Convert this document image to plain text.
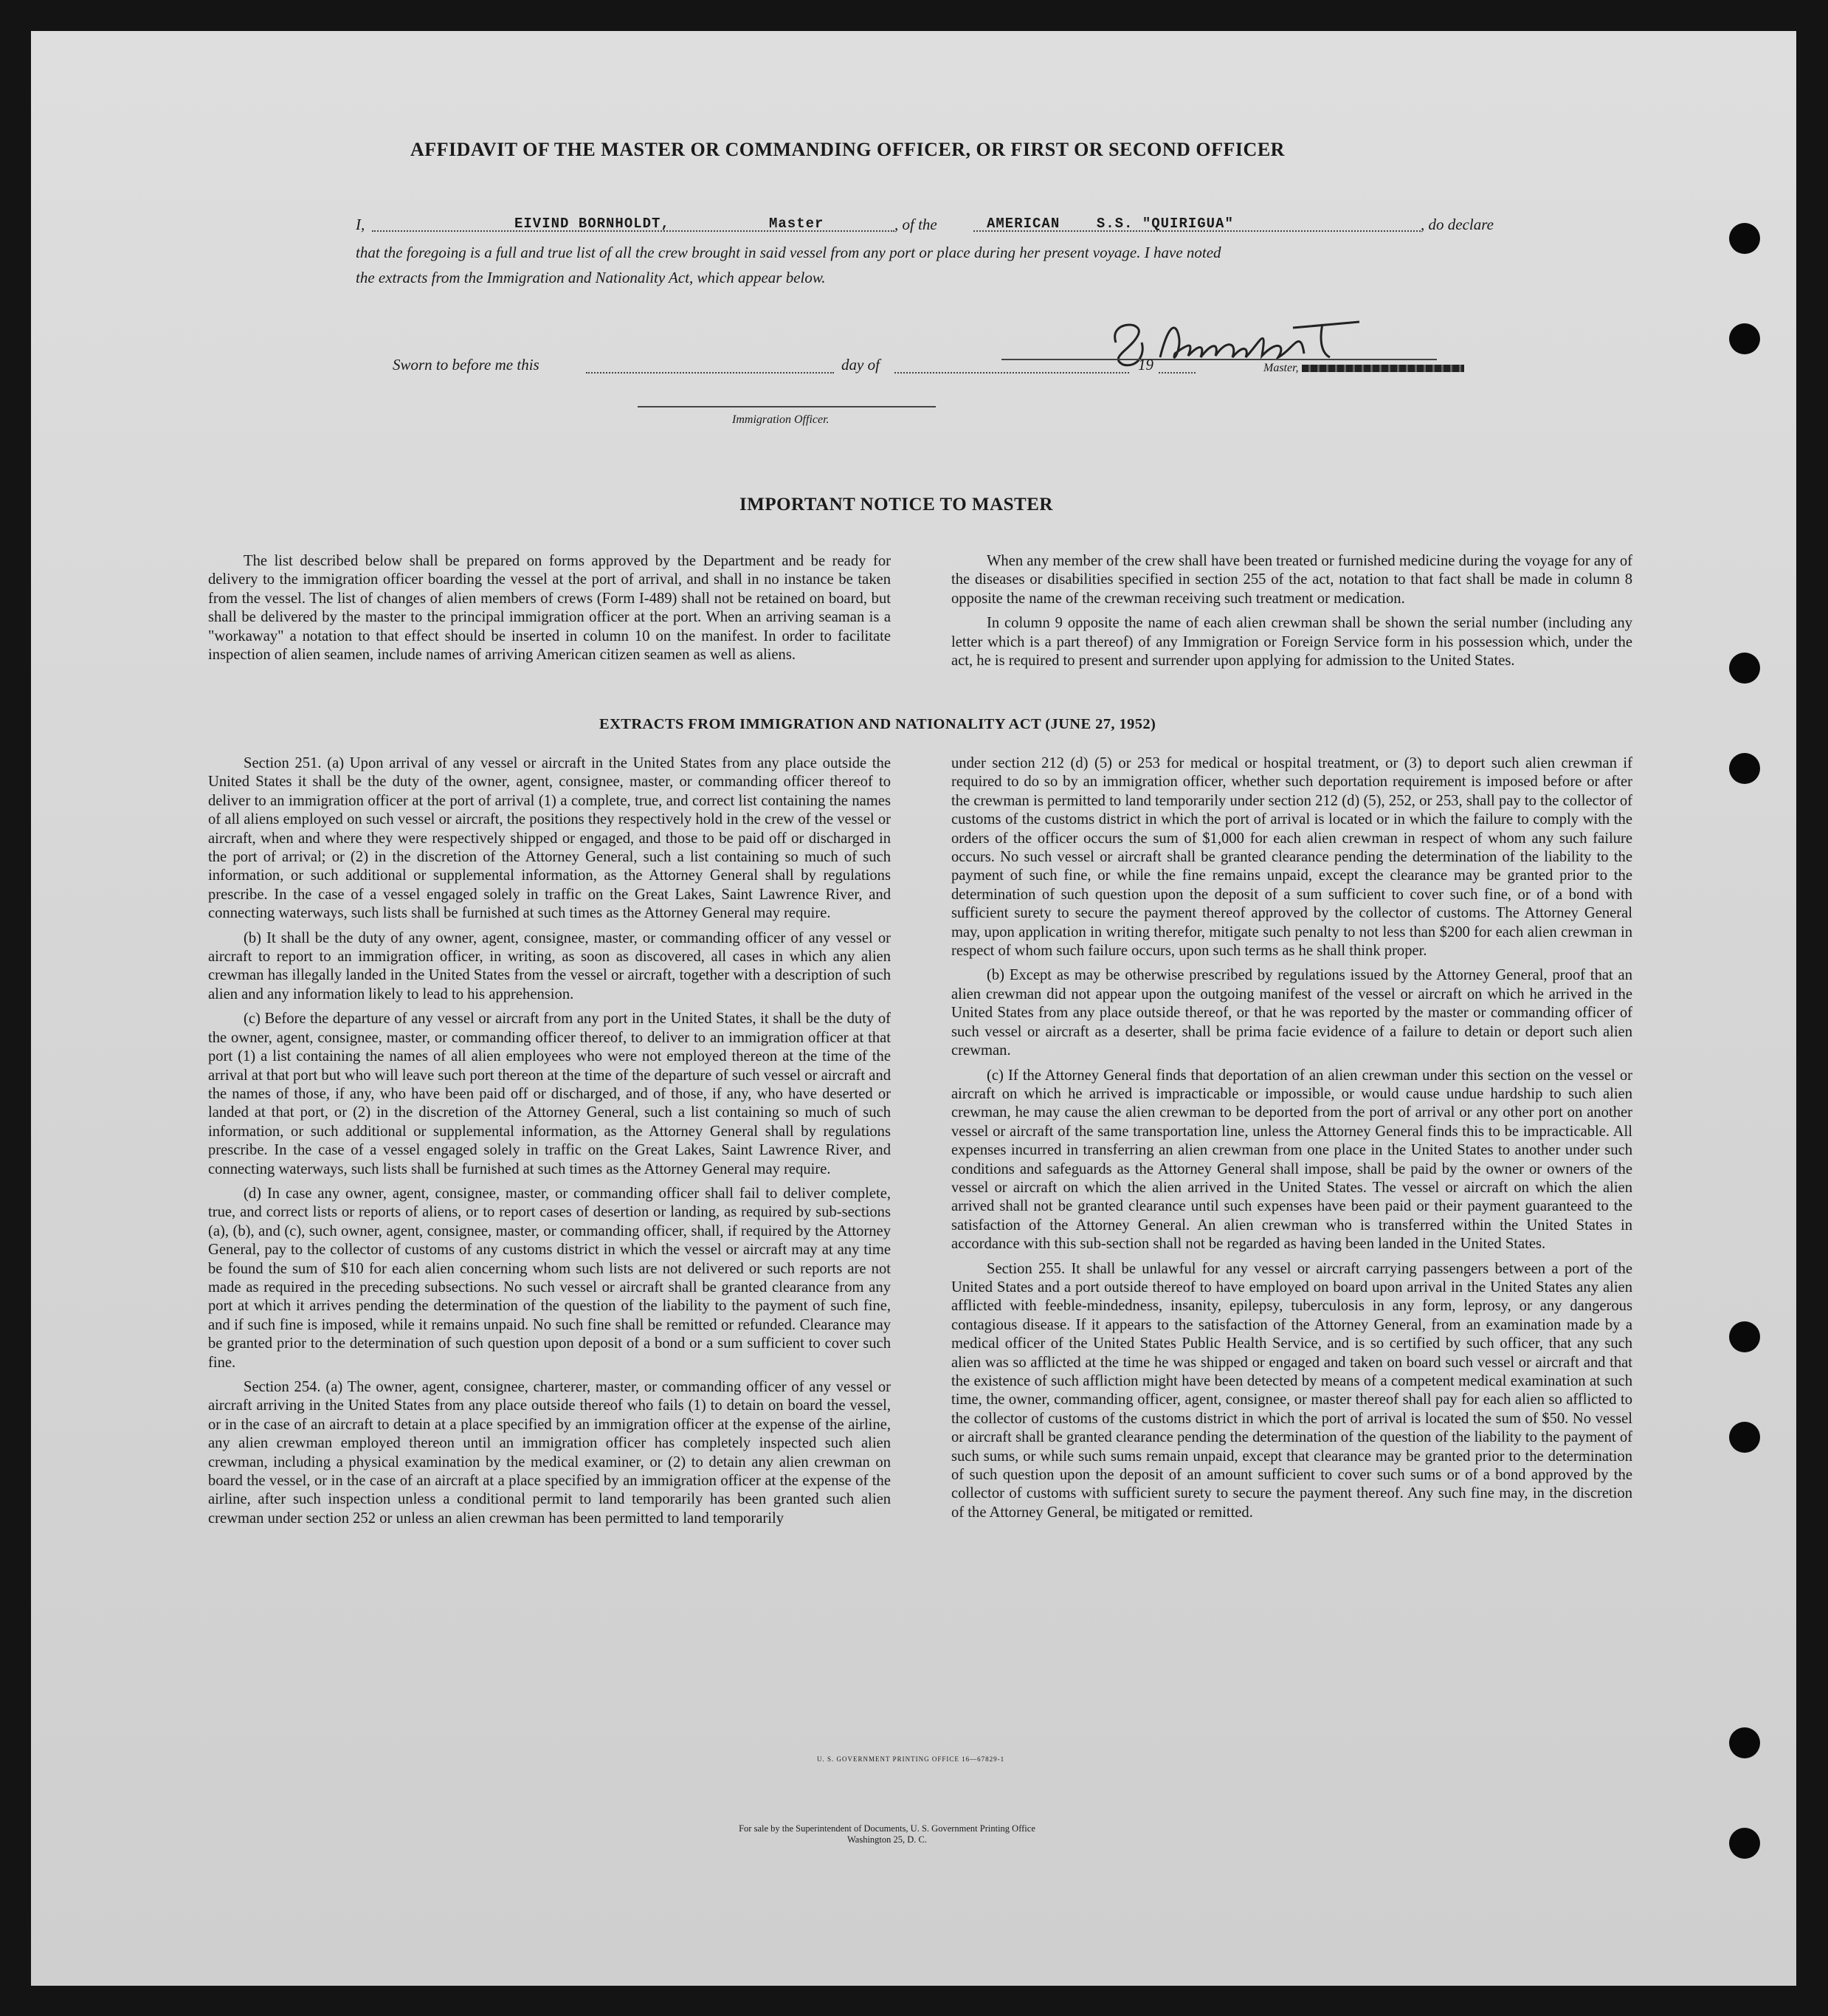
AFFIDAVIT OF THE MASTER OR COMMANDING OFFICER, OR FIRST OR SECOND OFFICER
I,	EIVIND BORNHOLDT,	Master	, of the	AMERICAN    S.S. "QUIRIGUA"	, do declare
that the foregoing is a full and true list of all the crew brought in said vessel from any port or place during her present voyage. I have noted
the extracts from the Immigration and Nationality Act, which appear below.
Master,
Sworn to before me this	day of	19
Immigration Officer.
IMPORTANT NOTICE TO MASTER

The list described below shall be prepared on forms approved by the Department and be ready for delivery to the immigration officer boarding the vessel at the port of arrival, and shall in no instance be taken from the vessel. The list of changes of alien members of crews (Form I-489) shall not be retained on board, but shall be delivered by the master to the principal immigration officer at the port. When an arriving seaman is a "workaway" a notation to that effect should be inserted in column 10 on the manifest. In order to facilitate inspection of alien seamen, include names of arriving American citizen seamen as well as aliens.

When any member of the crew shall have been treated or furnished medicine during the voyage for any of the diseases or disabilities specified in section 255 of the act, notation to that fact shall be made in column 8 opposite the name of the crewman receiving such treatment or medication.

In column 9 opposite the name of each alien crewman shall be shown the serial number (including any letter which is a part thereof) of any Immigration or Foreign Service form in his possession which, under the act, he is required to present and surrender upon applying for admission to the United States.

EXTRACTS FROM IMMIGRATION AND NATIONALITY ACT (JUNE 27, 1952)

Section 251. (a) Upon arrival of any vessel or aircraft in the United States from any place outside the United States it shall be the duty of the owner, agent, consignee, master, or commanding officer thereof to deliver to an immigration officer at the port of arrival (1) a complete, true, and correct list containing the names of all aliens employed on such vessel or aircraft, the positions they respectively hold in the crew of the vessel or aircraft, when and where they were respectively shipped or engaged, and those to be paid off or discharged in the port of arrival; or (2) in the discretion of the Attorney General, such a list containing so much of such information, or such additional or supplemental information, as the Attorney General shall by regulations prescribe. In the case of a vessel engaged solely in traffic on the Great Lakes, Saint Lawrence River, and connecting waterways, such lists shall be furnished at such times as the Attorney General may require.

(b) It shall be the duty of any owner, agent, consignee, master, or commanding officer of any vessel or aircraft to report to an immigration officer, in writing, as soon as discovered, all cases in which any alien crewman has illegally landed in the United States from the vessel or aircraft, together with a description of such alien and any information likely to lead to his apprehension.

(c) Before the departure of any vessel or aircraft from any port in the United States, it shall be the duty of the owner, agent, consignee, master, or commanding officer thereof, to deliver to an immigration officer at that port (1) a list containing the names of all alien employees who were not employed thereon at the time of the arrival at that port but who will leave such port thereon at the time of the departure of such vessel or aircraft and the names of those, if any, who have been paid off or discharged, and of those, if any, who have deserted or landed at that port, or (2) in the discretion of the Attorney General, such a list containing so much of such information, or such additional or supplemental information, as the Attorney General shall by regulations prescribe. In the case of a vessel engaged solely in traffic on the Great Lakes, Saint Lawrence River, and connecting waterways, such lists shall be furnished at such times as the Attorney General may require.

(d) In case any owner, agent, consignee, master, or commanding officer shall fail to deliver complete, true, and correct lists or reports of aliens, or to report cases of desertion or landing, as required by sub-sections (a), (b), and (c), such owner, agent, consignee, master, or commanding officer, shall, if required by the Attorney General, pay to the collector of customs of any customs district in which the vessel or aircraft may at any time be found the sum of $10 for each alien concerning whom such lists are not delivered or such reports are not made as required in the preceding subsections. No such vessel or aircraft shall be granted clearance from any port at which it arrives pending the determination of the question of the liability to the payment of such fine, and if such fine is imposed, while it remains unpaid. No such fine shall be remitted or refunded. Clearance may be granted prior to the determination of such question upon deposit of a bond or a sum sufficient to cover such fine.

Section 254. (a) The owner, agent, consignee, charterer, master, or commanding officer of any vessel or aircraft arriving in the United States from any place outside thereof who fails (1) to detain on board the vessel, or in the case of an aircraft to detain at a place specified by an immigration officer at the expense of the airline, any alien crewman employed thereon until an immigration officer has completely inspected such alien crewman, including a physical examination by the medical examiner, or (2) to detain any alien crewman on board the vessel, or in the case of an aircraft at a place specified by an immigration officer at the expense of the airline, after such inspection unless a conditional permit to land temporarily has been granted such alien crewman under section 252 or unless an alien crewman has been permitted to land temporarily

under section 212 (d) (5) or 253 for medical or hospital treatment, or (3) to deport such alien crewman if required to do so by an immigration officer, whether such deportation requirement is imposed before or after the crewman is permitted to land temporarily under section 212 (d) (5), 252, or 253, shall pay to the collector of customs of the customs district in which the port of arrival is located or in which the failure to comply with the orders of the officer occurs the sum of $1,000 for each alien crewman in respect of whom any such failure occurs. No such vessel or aircraft shall be granted clearance pending the determination of the liability to the payment of such fine, or while the fine remains unpaid, except the clearance may be granted prior to the determination of such question upon the deposit of a sum sufficient to cover such fine, or of a bond with sufficient surety to secure the payment thereof approved by the collector of customs. The Attorney General may, upon application in writing therefor, mitigate such penalty to not less than $200 for each alien crewman in respect of whom such failure occurs, upon such terms as he shall think proper.

(b) Except as may be otherwise prescribed by regulations issued by the Attorney General, proof that an alien crewman did not appear upon the outgoing manifest of the vessel or aircraft on which he arrived in the United States from any place outside thereof, or that he was reported by the master or commanding officer of such vessel or aircraft as a deserter, shall be prima facie evidence of a failure to detain or deport such alien crewman.

(c) If the Attorney General finds that deportation of an alien crewman under this section on the vessel or aircraft on which he arrived is impracticable or impossible, or would cause undue hardship to such alien crewman, he may cause the alien crewman to be deported from the port of arrival or any other port on another vessel or aircraft of the same transportation line, unless the Attorney General finds this to be impracticable. All expenses incurred in transferring an alien crewman from one place in the United States to another under such conditions and safeguards as the Attorney General shall impose, shall be paid by the owner or owners of the vessel or aircraft on which the alien arrived in the United States. The vessel or aircraft on which the alien arrived shall not be granted clearance until such expenses have been paid or their payment guaranteed to the satisfaction of the Attorney General. An alien crewman who is transferred within the United States in accordance with this sub-section shall not be regarded as having been landed in the United States.

Section 255. It shall be unlawful for any vessel or aircraft carrying passengers between a port of the United States and a port outside thereof to have employed on board upon arrival in the United States any alien afflicted with feeble-mindedness, insanity, epilepsy, tuberculosis in any form, leprosy, or any dangerous contagious disease. If it appears to the satisfaction of the Attorney General, from an examination made by a medical officer of the United States Public Health Service, and is so certified by such officer, that any such alien was so afflicted at the time he was shipped or engaged and taken on board such vessel or aircraft and that the existence of such affliction might have been detected by means of a competent medical examination at such time, the owner, commanding officer, agent, consignee, or master thereof shall pay for each alien so afflicted to the collector of customs of the customs district in which the port of arrival is located the sum of $50. No vessel or aircraft shall be granted clearance pending the determination of the question of the liability to the payment of such sums, or while such sums remain unpaid, except that clearance may be granted prior to the determination of such question upon the deposit of an amount sufficient to cover such sums or of a bond approved by the collector of customs with sufficient surety to secure the payment thereof. Any such fine may, in the discretion of the Attorney General, be mitigated or remitted.

U. S. GOVERNMENT PRINTING OFFICE 16—67829-1
For sale by the Superintendent of Documents, U. S. Government Printing Office
Washington 25, D. C.
